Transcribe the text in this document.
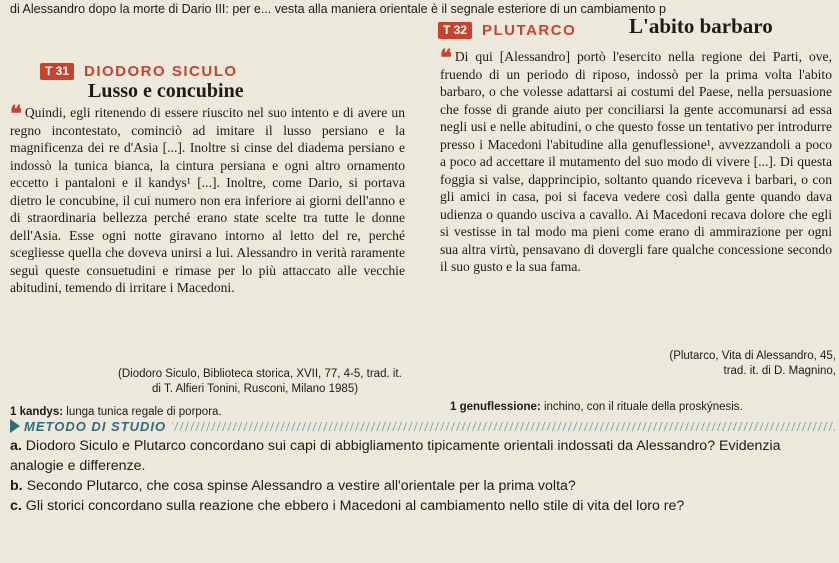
di Alessandro dopo la morte di Dario III: per e... vesta alla maniera orientale è il segnale esteriore di un cambiamento p
T 31 DIODORO SICULO
Lusso e concubine
❝ Quindi, egli ritenendo di essere riuscito nel suo intento e di avere un regno incontestato, cominciò ad imitare il lusso persiano e la magnificenza dei re d'Asia [...]. Inoltre si cinse del diadema persiano e indossò la tunica bianca, la cintura persiana e ogni altro ornamento eccetto i pantaloni e il kandys¹ [...]. Inoltre, come Dario, si portava dietro le concubine, il cui numero non era inferiore ai giorni dell'anno e di straordinaria bellezza perché erano state scelte tra tutte le donne dell'Asia. Esse ogni notte giravano intorno al letto del re, perché scegliesse quella che doveva unirsi a lui. Alessandro in verità raramente seguì queste consuetudini e rimase per lo più attaccato alle vecchie abitudini, temendo di irritare i Macedoni.
(Diodoro Siculo, Biblioteca storica, XVII, 77, 4-5, trad. it.
di T. Alfieri Tonini, Rusconi, Milano 1985)
1 kandys: lunga tunica regale di porpora.
T 32 PLUTARCO	L'abito barbaro
❝ Di qui [Alessandro] portò l'esercito nella regione dei Parti, ove, fruendo di un periodo di riposo, indossò per la prima volta l'abito barbaro, o che volesse adattarsi ai costumi del Paese, nella persuasione che fosse di grande aiuto per conciliarsi la gente accomunarsi ad essa negli usi e nelle abitudini, o che questo fosse un tentativo per introdurre presso i Macedoni l'abitudine alla genuflessione¹, avvezzandoli a poco a poco ad accettare il mutamento del suo modo di vivere [...]. Di questa foggia si valse, dapprincipio, soltanto quando riceveva i barbari, o con gli amici in casa, poi si faceva vedere così dalla gente quando dava udienza o quando usciva a cavallo. Ai Macedoni recava dolore che egli si vestisse in tal modo ma pieni come erano di ammirazione per ogni sua altra virtù, pensavano di dovergli fare qualche concessione secondo il suo gusto e la sua fama.
(Plutarco, Vita di Alessandro, 45,
trad. it. di D. Magnino,
1 genuflessione: inchino, con il rituale della proskýnesis.
METODO DI STUDIO

a. Diodoro Siculo e Plutarco concordano sui capi di abbigliamento tipicamente orientali indossati da Alessandro? Evidenzia analogie e differenze.

b. Secondo Plutarco, che cosa spinse Alessandro a vestire all'orientale per la prima volta?

c. Gli storici concordano sulla reazione che ebbero i Macedoni al cambiamento nello stile di vita del loro re?
